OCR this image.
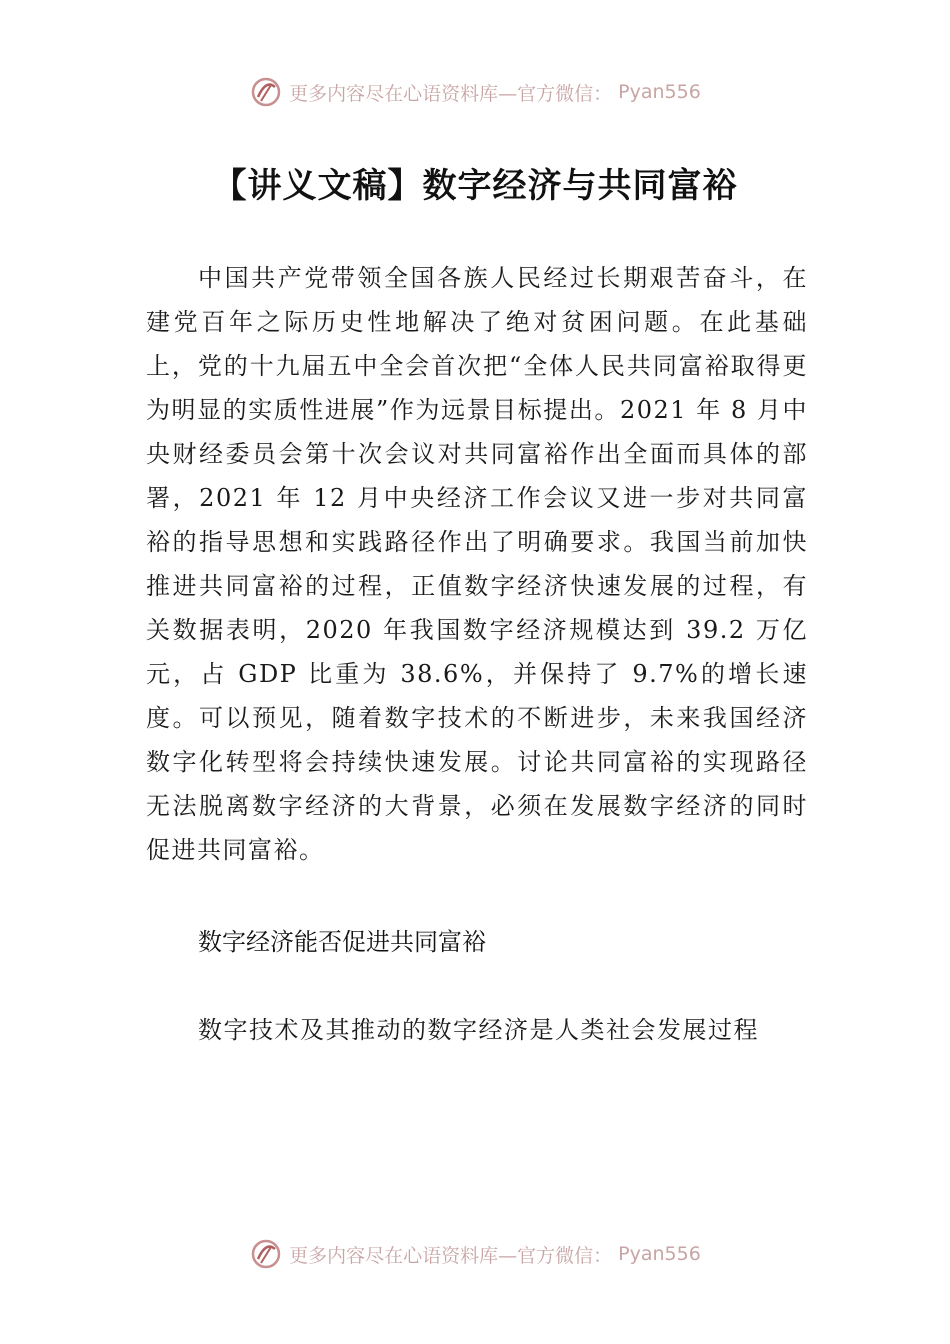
更多内容尽在心语资料库—官方微信： Pyan556
【讲义文稿】数字经济与共同富裕

中国共产党带领全国各族人民经过长期艰苦奋斗，在建党百年之际历史性地解决了绝对贫困问题。在此基础上，党的十九届五中全会首次把“全体人民共同富裕取得更为明显的实质性进展”作为远景目标提出。2021 年 8 月中央财经委员会第十次会议对共同富裕作出全面而具体的部署，2021 年 12 月中央经济工作会议又进一步对共同富裕的指导思想和实践路径作出了明确要求。我国当前加快推进共同富裕的过程，正值数字经济快速发展的过程，有关数据表明，2020 年我国数字经济规模达到 39.2 万亿元，占 GDP 比重为 38.6%，并保持了 9.7%的增长速度。可以预见，随着数字技术的不断进步，未来我国经济数字化转型将会持续快速发展。讨论共同富裕的实现路径无法脱离数字经济的大背景，必须在发展数字经济的同时促进共同富裕。

数字经济能否促进共同富裕

数字技术及其推动的数字经济是人类社会发展过程

更多内容尽在心语资料库—官方微信： Pyan556
